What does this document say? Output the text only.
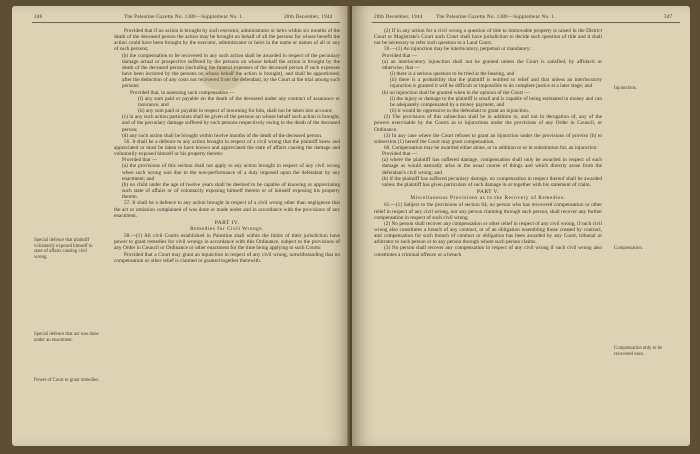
346	The Palestine Gazette No. 1380—Supplement No. 1.	28th December, 1944

Provided that if no action is brought by such executor, administrator or heirs within six months of the death of the deceased person the action may be brought on behalf of all the persons for whose benefit the action could have been brought by the executor, administrator or heirs in the name or names of all or any of such persons;

(b) the compensation to be recovered in any such action shall be awarded in respect of the pecuniary damage actual or prospective suffered by the persons on whose behalf the action is brought by the death of the deceased person (including the funeral expenses of the deceased person if such expenses have been incurred by the persons on whose behalf the action is brought), and shall be apportioned, after the deduction of any costs not recovered from the defendant, by the Court at the trial among such persons:

Provided that, in assessing such compensation —

(i) any sum paid or payable on the death of the deceased under any contract of assurance or insurance, and

(ii) any sum paid or payable in respect of mourning for him, shall not be taken into account;

(c) in any such action particulars shall be given of the persons on whose behalf such action is brought, and of the pecuniary damage suffered by such persons respectively owing to the death of the deceased person;

(d) any such action shall be brought within twelve months of the death of the deceased person.

56. It shall be a defence to any action brought in respect of a civil wrong that the plaintiff knew and appreciated or must be taken to have known and appreciated the state of affairs causing the damage and voluntarily exposed himself or his property thereto:

Provided that —

(a) the provisions of this section shall not apply to any action brought in respect of any civil wrong when such wrong was due to the non-performance of a duty imposed upon the defendant by any enactment; and

(b) no child under the age of twelve years shall be deemed to be capable of knowing or appreciating such state of affairs or of voluntarily exposing himself thereto or of himself exposing his property thereto.

57. It shall be a defence to any action brought in respect of a civil wrong other than negligence that the act or omission complained of was done or made under and in accordance with the provisions of any enactment.

PART IV.
Remedies for Civil Wrongs.

58.—(1) All civil Courts established in Palestine shall within the limits of their jurisdiction have power to grant remedies for civil wrongs in accordance with this Ordinance, subject to the provisions of any Order in Council or Ordinance or other enactment for the time being applying to such Courts:

Provided that a Court may grant an injunction in respect of any civil wrong, notwithstanding that no compensation or other relief is claimed or granted together therewith.

Special defence that plaintiff voluntarily exposed himself to state of affairs causing civil wrong.
Special defence that act was done under an enactment.
Power of Court to grant remedies.
28th December, 1944	The Palestine Gazette No. 1380—Supplement No. 1.	347

(2) If in any action for a civil wrong a question of title to immovable property is raised in the District Court or Magistrate's Court such Court shall have jurisdiction to decide such question of title and it shall not be necessary to refer such question to a Land Court.

59.—(1) An injunction may be interlocutory, perpetual or mandatory:

Provided that —

(a) an interlocutory injunction shall not be granted unless the Court is satisfied, by affidavit or otherwise, that —

(i) there is a serious question to be tried at the hearing, and

(ii) there is a probability that the plaintiff is entitled to relief and that unless an interlocutory injunction is granted it will be difficult or impossible to do complete justice at a later stage; and

(b) no injunction shall be granted when in the opinion of the Court —

(i) the injury or damage to the plaintiff is small and is capable of being estimated in money and can be adequately compensated by a money payment, and

(ii) it would be oppressive to the defendant to grant an injunction.

(2) The provisions of this subsection shall be in addition to, and not in derogation of, any of the powers exercisable by the Courts as to injunctions under the provisions of any Order in Council, or Ordinance.

(3) In any case where the Court refuses to grant an injunction under the provisions of proviso (b) to subsection (1) hereof the Court may grant compensation.

60. Compensation may be awarded either alone, or in addition to or in substitution for, an injunction:

Provided that —

(a) where the plaintiff has suffered damage, compensation shall only be awarded in respect of such damage as would naturally arise in the usual course of things and which directly arose from the defendant's civil wrong; and

(b) if the plaintiff has suffered pecuniary damage, no compensation in respect thereof shall be awarded unless the plaintiff has given particulars of such damage in or together with his statement of claim.

PART V.
Miscellaneous Provisions as to the Recovery of Remedies.

61.—(1) Subject to the provisions of section 64, no person who has recovered compensation or other relief in respect of any civil wrong, nor any person claiming through such person, shall recover any further compensation in respect of such civil wrong.

(2) No person shall recover any compensation or other relief in respect of any civil wrong, if such civil wrong also constitutes a breach of any contract, or of an obligation resembling those created by contract, and compensation for such breach of contract or obligation has been awarded by any Court, tribunal or arbitrator to such person or to any person through whom such person claims.

(3) No person shall recover any compensation in respect of any civil wrong if such civil wrong also constitutes a criminal offence or a breach

Injunctions.
Compensation.
Compensation only to be recovered once.
